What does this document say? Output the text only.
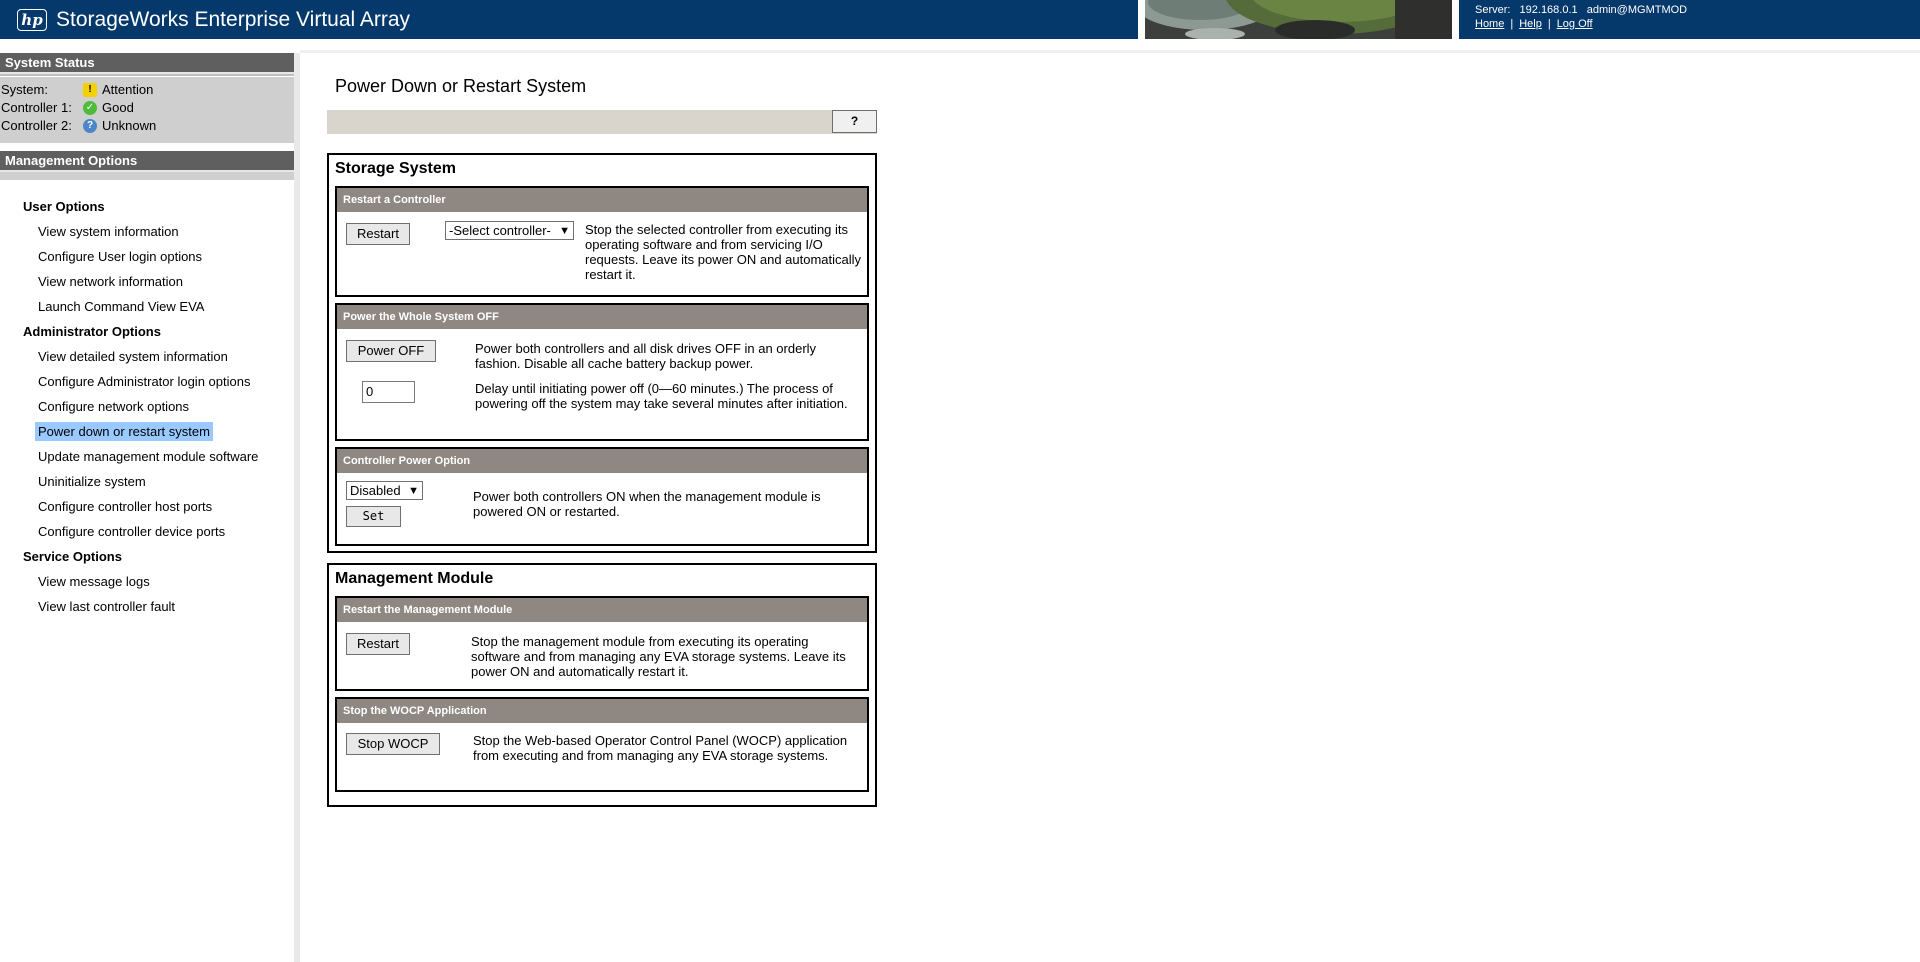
hp StorageWorks Enterprise Virtual Array	Server: 192.168.0.1 admin@MGMTMOD
Home | Help | Log Off
System Status
System:	! Attention
Controller 1: ✓ Good
Controller 2:	? Unknown
Management Options
User Options
View system information
Configure User login options
View network information
Launch Command View EVA
Administrator Options
View detailed system information
Configure Administrator login options
Configure network options
Power down or restart system
Update management module software
Uninitialize system
Configure controller host ports
Configure controller device ports
Service Options
View message logs
View last controller fault
Power Down or Restart System
?
Storage System
Restart a Controller
Restart	-Select controller- ▼ Stop the selected controller from executing its operating software and from servicing I/O requests. Leave its power ON and automatically restart it.
Power the Whole System OFF
Power OFF	Power both controllers and all disk drives OFF in an orderly fashion. Disable all cache battery backup power.
0	Delay until initiating power off (0—60 minutes.) The process of powering off the system may take several minutes after initiation.
Controller Power Option
Disabled ▼
Set
Power both controllers ON when the management module is powered ON or restarted.
Management Module
Restart the Management Module
Restart	Stop the management module from executing its operating software and from managing any EVA storage systems. Leave its power ON and automatically restart it.
Stop the WOCP Application
Stop WOCP	Stop the Web-based Operator Control Panel (WOCP) application from executing and from managing any EVA storage systems.
